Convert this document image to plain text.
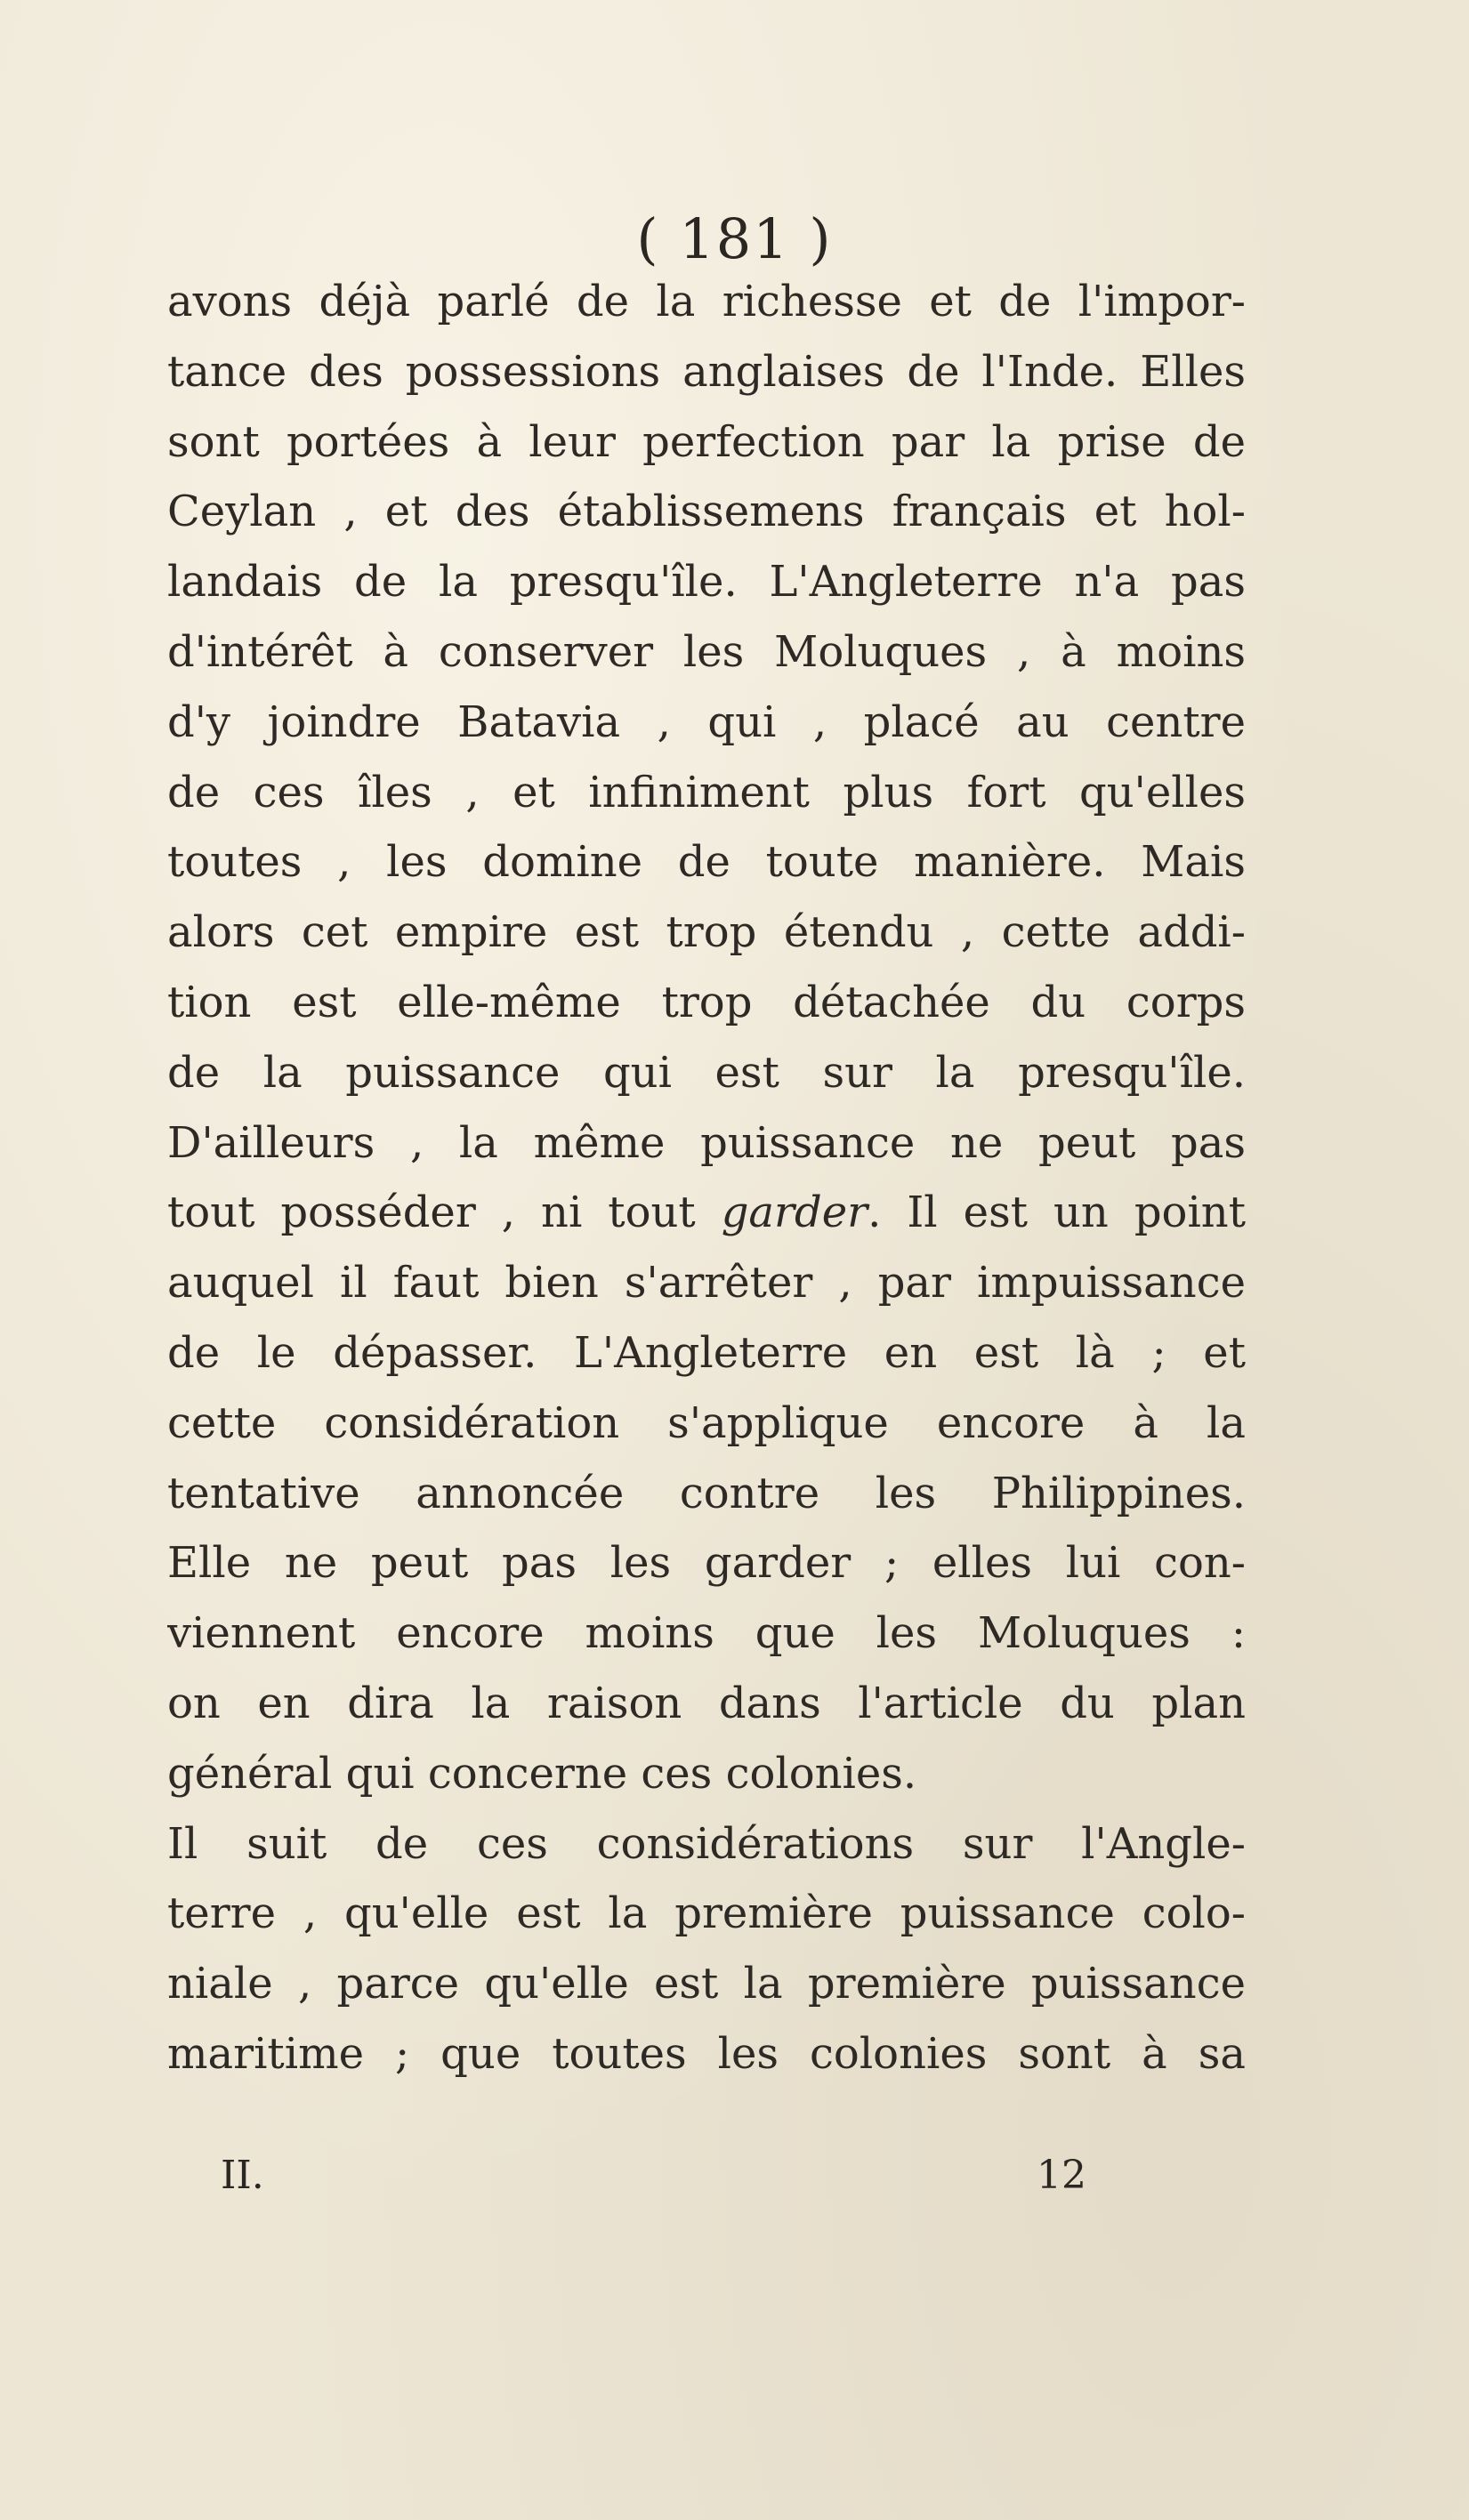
( 181 )
avons déjà parlé de la richesse et de l'impor-
tance des possessions anglaises de l'Inde. Elles
sont portées à leur perfection par la prise de
Ceylan , et des établissemens français et hol-
landais de la presqu'île. L'Angleterre n'a pas
d'intérêt à conserver les Moluques , à moins
d'y joindre Batavia , qui , placé au centre
de ces îles , et infiniment plus fort qu'elles
toutes , les domine de toute manière. Mais
alors cet empire est trop étendu , cette addi-
tion est elle-même trop détachée du corps
de la puissance qui est sur la presqu'île.
D'ailleurs , la même puissance ne peut pas
tout posséder , ni tout garder. Il est un point
auquel il faut bien s'arrêter , par impuissance
de le dépasser. L'Angleterre en est là ; et
cette considération s'applique encore à la
tentative annoncée contre les Philippines.
Elle ne peut pas les garder ; elles lui con-
viennent encore moins que les Moluques :
on en dira la raison dans l'article du plan
général qui concerne ces colonies.
Il suit de ces considérations sur l'Angle-
terre , qu'elle est la première puissance colo-
niale , parce qu'elle est la première puissance
maritime ; que toutes les colonies sont à sa
II.	12
